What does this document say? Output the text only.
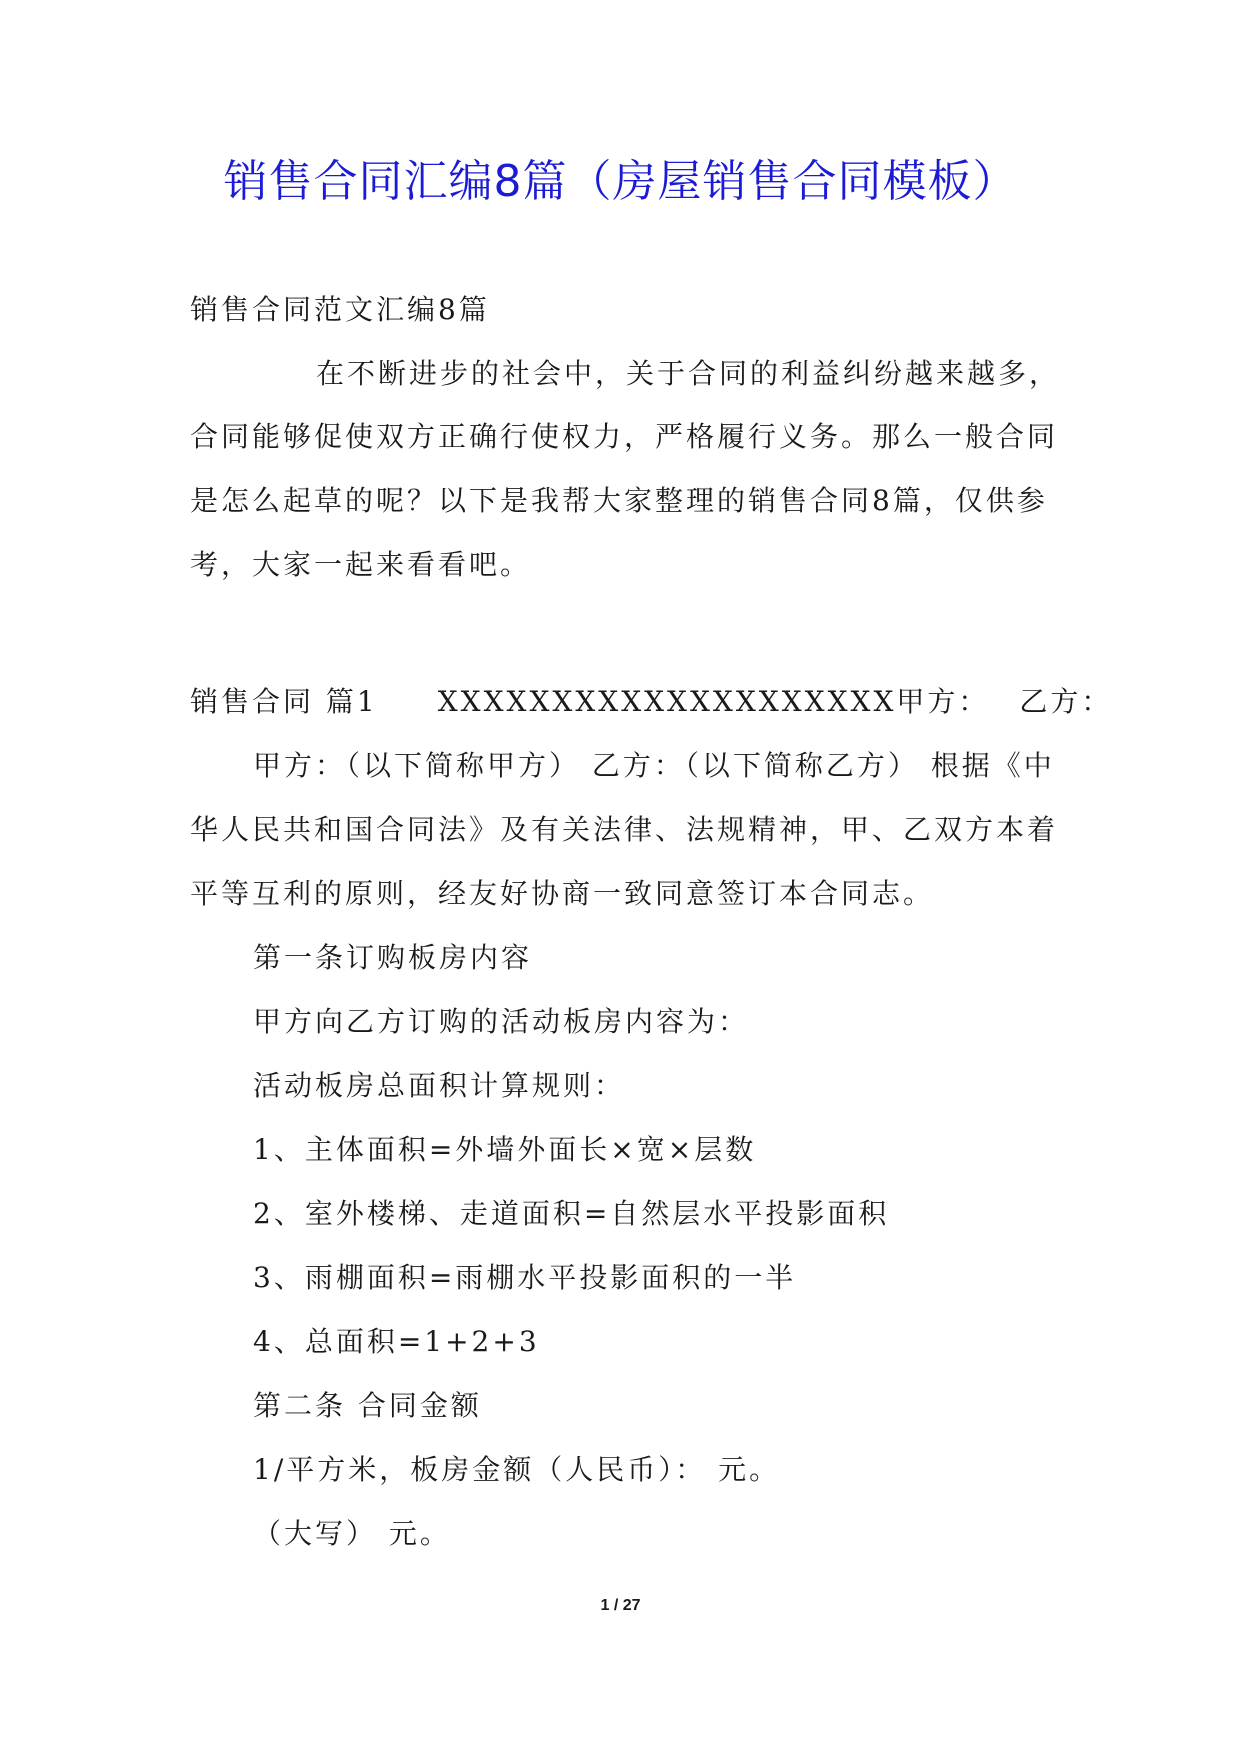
销售合同汇编8篇（房屋销售合同模板）
销售合同范文汇编8篇
在不断进步的社会中，关于合同的利益纠纷越来越多，
合同能够促使双方正确行使权力，严格履行义务。那么一般合同
是怎么起草的呢？以下是我帮大家整理的销售合同8篇，仅供参
考，大家一起来看看吧。
销售合同 篇1 XXXXXXXXXXXXXXXXXXXX甲方： 乙方：
甲方：（以下简称甲方） 乙方：（以下简称乙方） 根据《中
华人民共和国合同法》及有关法律、法规精神，甲、乙双方本着
平等互利的原则，经友好协商一致同意签订本合同志。
第一条订购板房内容
甲方向乙方订购的活动板房内容为：
活动板房总面积计算规则：
1、主体面积=外墙外面长×宽×层数
2、室外楼梯、走道面积=自然层水平投影面积
3、雨棚面积=雨棚水平投影面积的一半
4、总面积=1+2+3
第二条 合同金额
1/平方米，板房金额（人民币）： 元。
（大写） 元。
1 / 27
